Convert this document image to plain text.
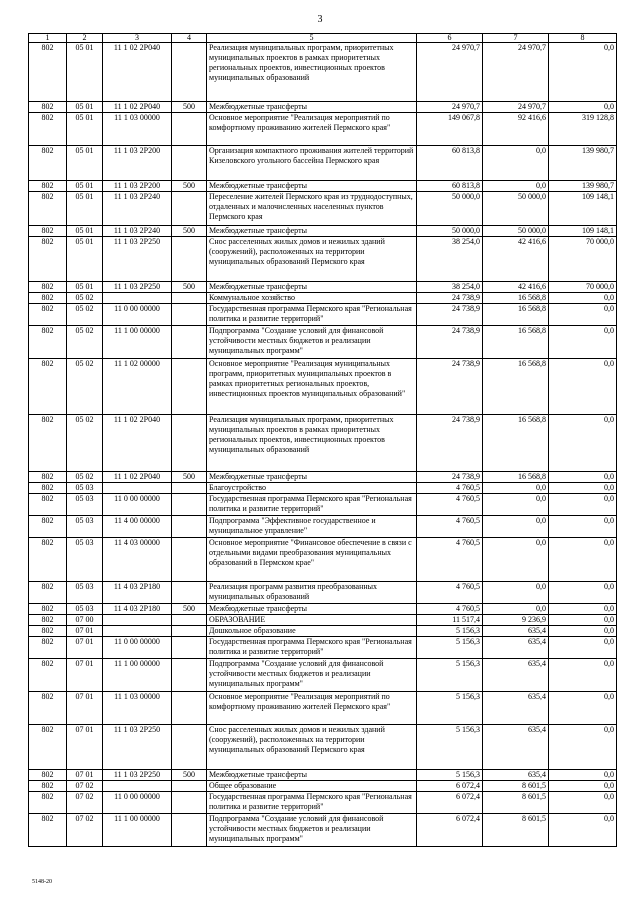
3
1	2	3	4	5	6	7	8
802	05 01	11 1 02 2P040		Реализация муниципальных программ, приоритетных муниципальных проектов в рамках приоритетных региональных проектов, инвестиционных проектов муниципальных образований	24 970,7	24 970,7	0,0
802	05 01	11 1 02 2P040	500	Межбюджетные трансферты	24 970,7	24 970,7	0,0
802	05 01	11 1 03 00000		Основное мероприятие "Реализация мероприятий по комфортному проживанию жителей Пермского края"	149 067,8	92 416,6	319 128,8
802	05 01	11 1 03 2P200		Организация компактного проживания жителей территорий Кизеловского угольного бассейна Пермского края	60 813,8	0,0	139 980,7
802	05 01	11 1 03 2P200	500	Межбюджетные трансферты	60 813,8	0,0	139 980,7
802	05 01	11 1 03 2P240		Переселение жителей Пермского края из труднодоступных, отдаленных и малочисленных населенных пунктов Пермского края	50 000,0	50 000,0	109 148,1
802	05 01	11 1 03 2P240	500	Межбюджетные трансферты	50 000,0	50 000,0	109 148,1
802	05 01	11 1 03 2P250		Снос расселенных жилых домов и нежилых зданий (сооружений), расположенных на территории муниципальных образований Пермского края	38 254,0	42 416,6	70 000,0
802	05 01	11 1 03 2P250	500	Межбюджетные трансферты	38 254,0	42 416,6	70 000,0
802	05 02			Коммунальное хозяйство	24 738,9	16 568,8	0,0
802	05 02	11 0 00 00000		Государственная программа Пермского края "Региональная политика и развитие территорий"	24 738,9	16 568,8	0,0
802	05 02	11 1 00 00000		Подпрограмма "Создание условий для финансовой устойчивости местных бюджетов и реализации муниципальных программ"	24 738,9	16 568,8	0,0
802	05 02	11 1 02 00000		Основное мероприятие "Реализация муниципальных программ, приоритетных муниципальных проектов в рамках приоритетных региональных проектов, инвестиционных проектов муниципальных образований"	24 738,9	16 568,8	0,0
802	05 02	11 1 02 2P040		Реализация муниципальных программ, приоритетных муниципальных проектов в рамках приоритетных региональных проектов, инвестиционных проектов муниципальных образований	24 738,9	16 568,8	0,0
802	05 02	11 1 02 2P040	500	Межбюджетные трансферты	24 738,9	16 568,8	0,0
802	05 03			Благоустройство	4 760,5	0,0	0,0
802	05 03	11 0 00 00000		Государственная программа Пермского края "Региональная политика и развитие территорий"	4 760,5	0,0	0,0
802	05 03	11 4 00 00000		Подпрограмма "Эффективное государственное и муниципальное управление"	4 760,5	0,0	0,0
802	05 03	11 4 03 00000		Основное мероприятие "Финансовое обеспечение в связи с отдельными видами преобразования муниципальных образований в Пермском крае"	4 760,5	0,0	0,0
802	05 03	11 4 03 2P180		Реализация программ развития преобразованных муниципальных образований	4 760,5	0,0	0,0
802	05 03	11 4 03 2P180	500	Межбюджетные трансферты	4 760,5	0,0	0,0
802	07 00			ОБРАЗОВАНИЕ	11 517,4	9 236,9	0,0
802	07 01			Дошкольное образование	5 156,3	635,4	0,0
802	07 01	11 0 00 00000		Государственная программа Пермского края "Региональная политика и развитие территорий"	5 156,3	635,4	0,0
802	07 01	11 1 00 00000		Подпрограмма "Создание условий для финансовой устойчивости местных бюджетов и реализации муниципальных программ"	5 156,3	635,4	0,0
802	07 01	11 1 03 00000		Основное мероприятие "Реализация мероприятий по комфортному проживанию жителей Пермского края"	5 156,3	635,4	0,0
802	07 01	11 1 03 2P250		Снос расселенных жилых домов и нежилых зданий (сооружений), расположенных на территории муниципальных образований Пермского края	5 156,3	635,4	0,0
802	07 01	11 1 03 2P250	500	Межбюджетные трансферты	5 156,3	635,4	0,0
802	07 02			Общее образование	6 072,4	8 601,5	0,0
802	07 02	11 0 00 00000		Государственная программа Пермского края "Региональная политика и развитие территорий"	6 072,4	8 601,5	0,0
802	07 02	11 1 00 00000		Подпрограмма "Создание условий для финансовой устойчивости местных бюджетов и реализации муниципальных программ"	6 072,4	8 601,5	0,0
5148-20
